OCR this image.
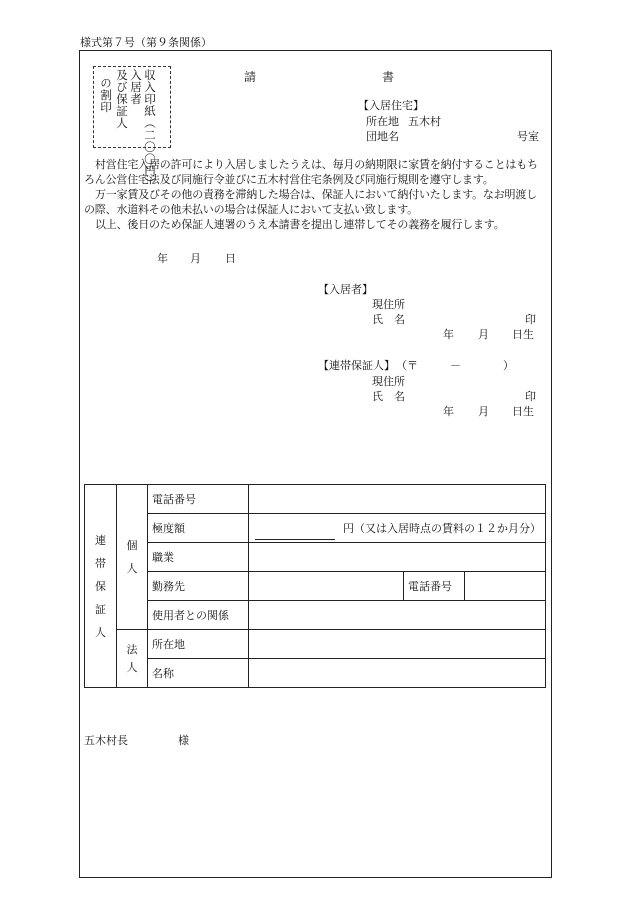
様式第７号（第９条関係）
収入印紙（二〇〇円）
入居者
及び保証人
の割印	請	書
【入居住宅】
所在地 五木村
団地名	号室

村営住宅入居の許可により入居しましたうえは、毎月の納期限に家賃を納付することはもちろん公営住宅法及び同施行令並びに五木村営住宅条例及び同施行規則を遵守します。

万一家賃及びその他の責務を滞納した場合は、保証人において納付いたします。なお明渡しの際、水道料その他未払いの場合は保証人において支払い致します。

以上、後日のため保証人連署のうえ本請書を提出し連帯してその義務を履行します。

年 月 日
【入居者】
現住所
氏　名	印
年 月 日生
【連帯保証人】 （〒	－	）
現住所
氏　名	印
年 月 日生
連帯保証人	個人	電話番号			
		極度額	円（又は入居時点の賃料の１２か月分）		
		職業			
		勤務先		電話番号	
		使用者との関係			
	法人	所在地			
		名称			
五木村長	様
